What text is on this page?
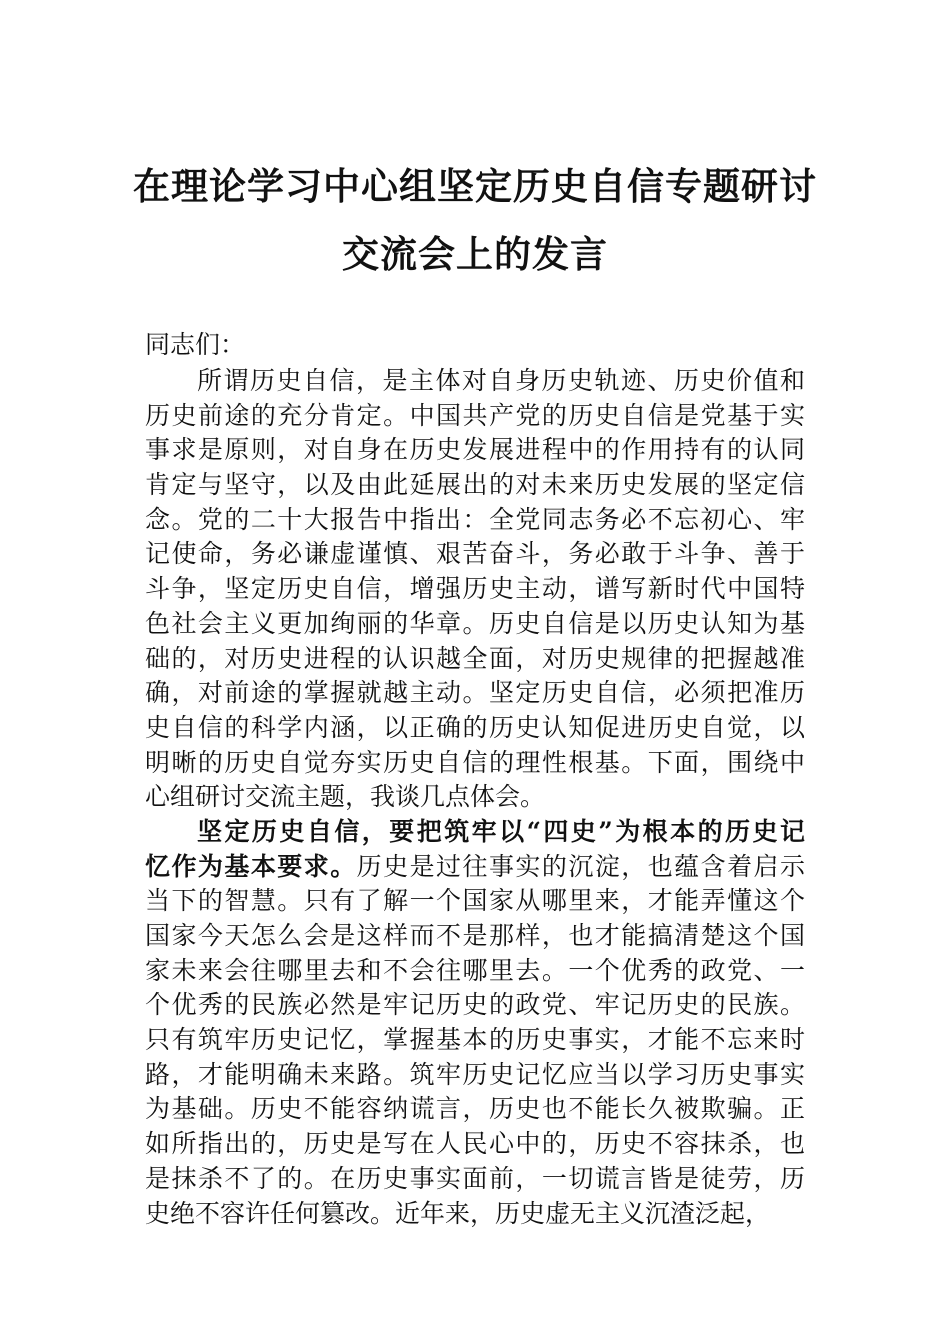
在理论学习中心组坚定历史自信专题研讨
交流会上的发言
同志们：
所谓历史自信，是主体对自身历史轨迹、历史价值和
历史前途的充分肯定。中国共产党的历史自信是党基于实
事求是原则，对自身在历史发展进程中的作用持有的认同
肯定与坚守，以及由此延展出的对未来历史发展的坚定信
念。党的二十大报告中指出：全党同志务必不忘初心、牢
记使命，务必谦虚谨慎、艰苦奋斗，务必敢于斗争、善于
斗争，坚定历史自信，增强历史主动，谱写新时代中国特
色社会主义更加绚丽的华章。历史自信是以历史认知为基
础的，对历史进程的认识越全面，对历史规律的把握越准
确，对前途的掌握就越主动。坚定历史自信，必须把准历
史自信的科学内涵，以正确的历史认知促进历史自觉，以
明晰的历史自觉夯实历史自信的理性根基。下面，围绕中
心组研讨交流主题，我谈几点体会。
坚定历史自信，要把筑牢以“四史”为根本的历史记
忆作为基本要求。历史是过往事实的沉淀，也蕴含着启示
当下的智慧。只有了解一个国家从哪里来，才能弄懂这个
国家今天怎么会是这样而不是那样，也才能搞清楚这个国
家未来会往哪里去和不会往哪里去。一个优秀的政党、一
个优秀的民族必然是牢记历史的政党、牢记历史的民族。
只有筑牢历史记忆，掌握基本的历史事实，才能不忘来时
路，才能明确未来路。筑牢历史记忆应当以学习历史事实
为基础。历史不能容纳谎言，历史也不能长久被欺骗。正
如所指出的，历史是写在人民心中的，历史不容抹杀，也
是抹杀不了的。在历史事实面前，一切谎言皆是徒劳，历
史绝不容许任何篡改。近年来，历史虚无主义沉渣泛起，
